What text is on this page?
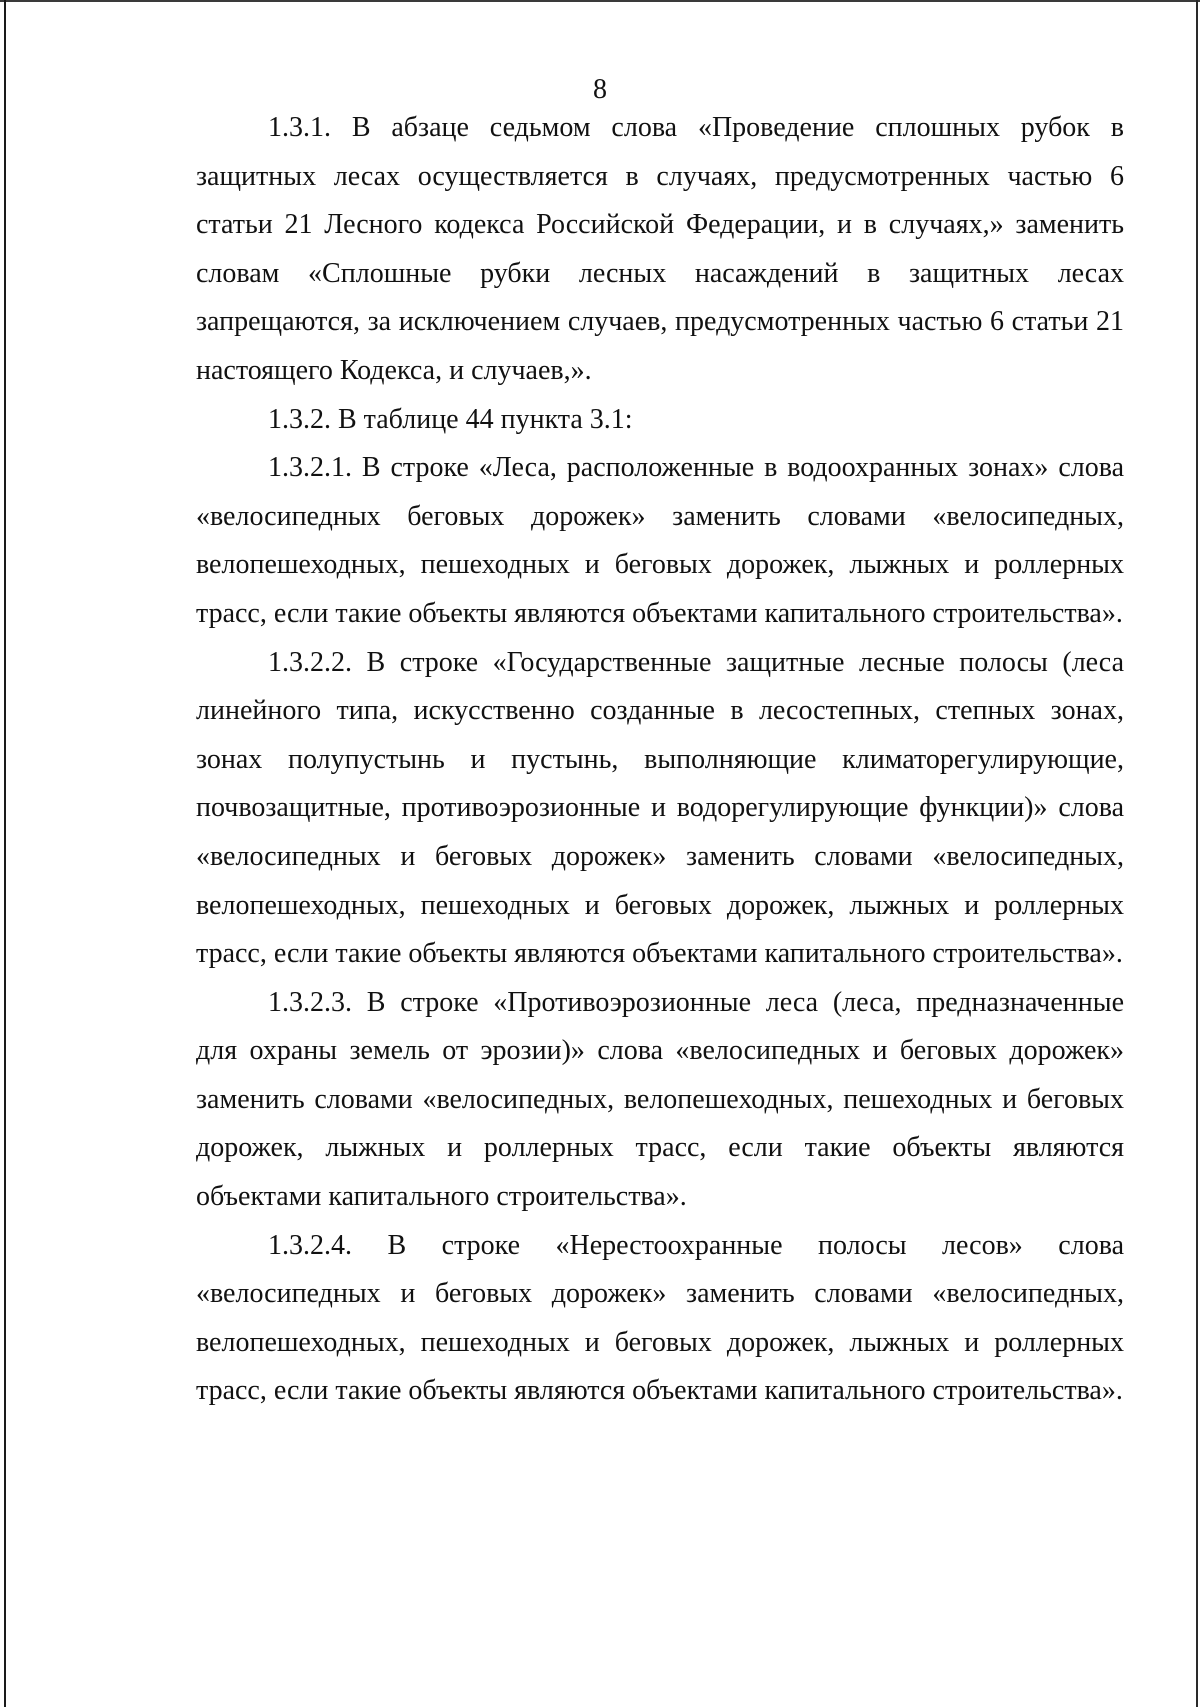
8

1.3.1. В абзаце седьмом слова «Проведение сплошных рубок в защитных лесах осуществляется в случаях, предусмотренных частью 6 статьи 21 Лесного кодекса Российской Федерации, и в случаях,» заменить словам «Сплошные рубки лесных насаждений в защитных лесах запрещаются, за исключением случаев, предусмотренных частью 6 статьи 21 настоящего Кодекса, и случаев,».

1.3.2. В таблице 44 пункта 3.1:

1.3.2.1. В строке «Леса, расположенные в водоохранных зонах» слова «велосипедных беговых дорожек» заменить словами «велосипедных, велопешеходных, пешеходных и беговых дорожек, лыжных и роллерных трасс, если такие объекты являются объектами капитального строительства».

1.3.2.2. В строке «Государственные защитные лесные полосы (леса линейного типа, искусственно созданные в лесостепных, степных зонах, зонах полупустынь и пустынь, выполняющие климаторегулирующие, почвозащитные, противоэрозионные и водорегулирующие функции)» слова «велосипедных и беговых дорожек» заменить словами «велосипедных, велопешеходных, пешеходных и беговых дорожек, лыжных и роллерных трасс, если такие объекты являются объектами капитального строительства».

1.3.2.3. В строке «Противоэрозионные леса (леса, предназначенные для охраны земель от эрозии)» слова «велосипедных и беговых дорожек» заменить словами «велосипедных, велопешеходных, пешеходных и беговых дорожек, лыжных и роллерных трасс, если такие объекты являются объектами капитального строительства».

1.3.2.4. В строке «Нерестоохранные полосы лесов» слова «велосипедных и беговых дорожек» заменить словами «велосипедных, велопешеходных, пешеходных и беговых дорожек, лыжных и роллерных трасс, если такие объекты являются объектами капитального строительства».
